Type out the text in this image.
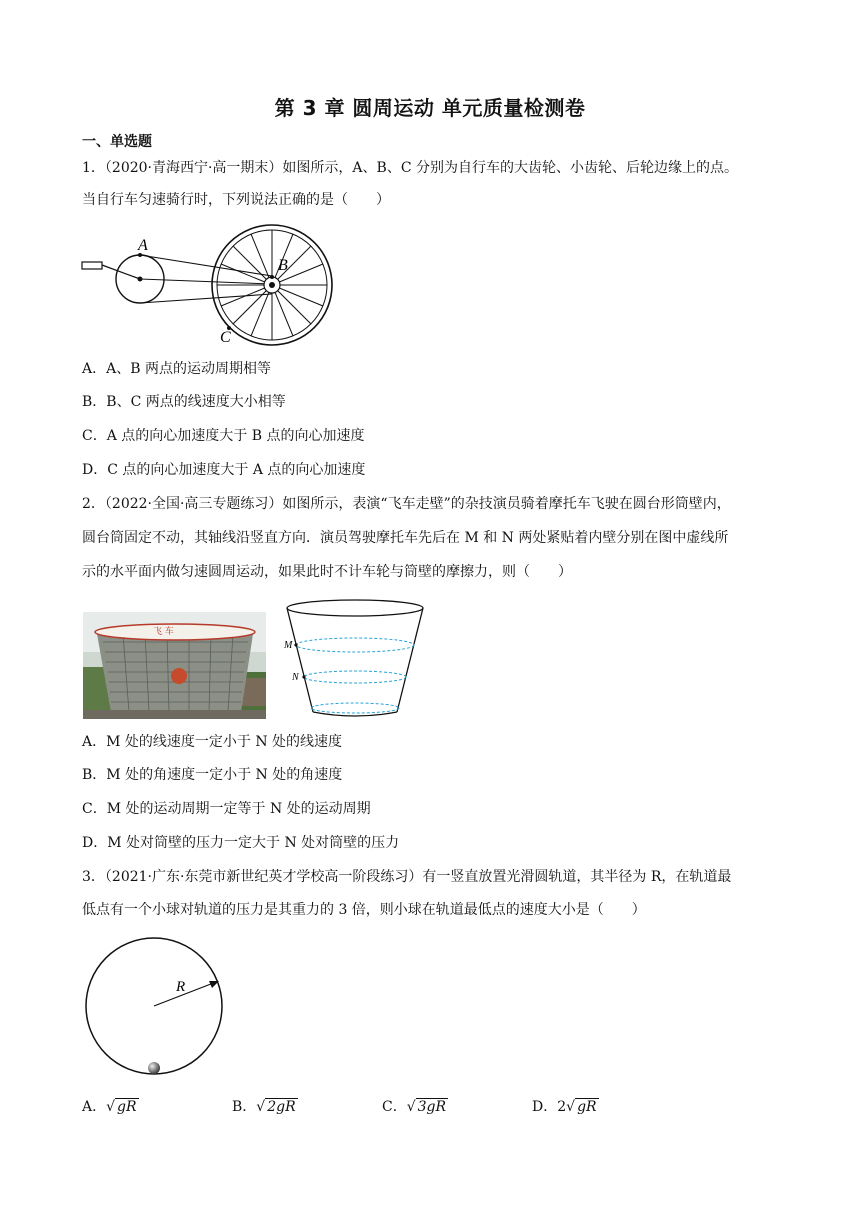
第 3 章 圆周运动 单元质量检测卷
一、单选题
1．（2020·青海西宁·高一期末）如图所示，A、B、C 分别为自行车的大齿轮、小齿轮、后轮边缘上的点。
当自行车匀速骑行时，下列说法正确的是（　　）
A
B
C
A．A、B 两点的运动周期相等
B．B、C 两点的线速度大小相等
C．A 点的向心加速度大于 B 点的向心加速度
D．C 点的向心加速度大于 A 点的向心加速度
2．（2022·全国·高三专题练习）如图所示，表演“飞车走壁”的杂技演员骑着摩托车飞驶在圆台形筒壁内，
圆台筒固定不动，其轴线沿竖直方向．演员驾驶摩托车先后在 M 和 N 两处紧贴着内壁分别在图中虚线所
示的水平面内做匀速圆周运动，如果此时不计车轮与筒壁的摩擦力，则（　　）
飞 车
M
N
A．M 处的线速度一定小于 N 处的线速度
B．M 处的角速度一定小于 N 处的角速度
C．M 处的运动周期一定等于 N 处的运动周期
D．M 处对筒壁的压力一定大于 N 处对筒壁的压力
3．（2021·广东·东莞市新世纪英才学校高一阶段练习）有一竖直放置光滑圆轨道，其半径为 R，在轨道最
低点有一个小球对轨道的压力是其重力的 3 倍，则小球在轨道最低点的速度大小是（　　）
R
A．√ gR	B．√ 2gR	C．√ 3gR	D．2√ gR
